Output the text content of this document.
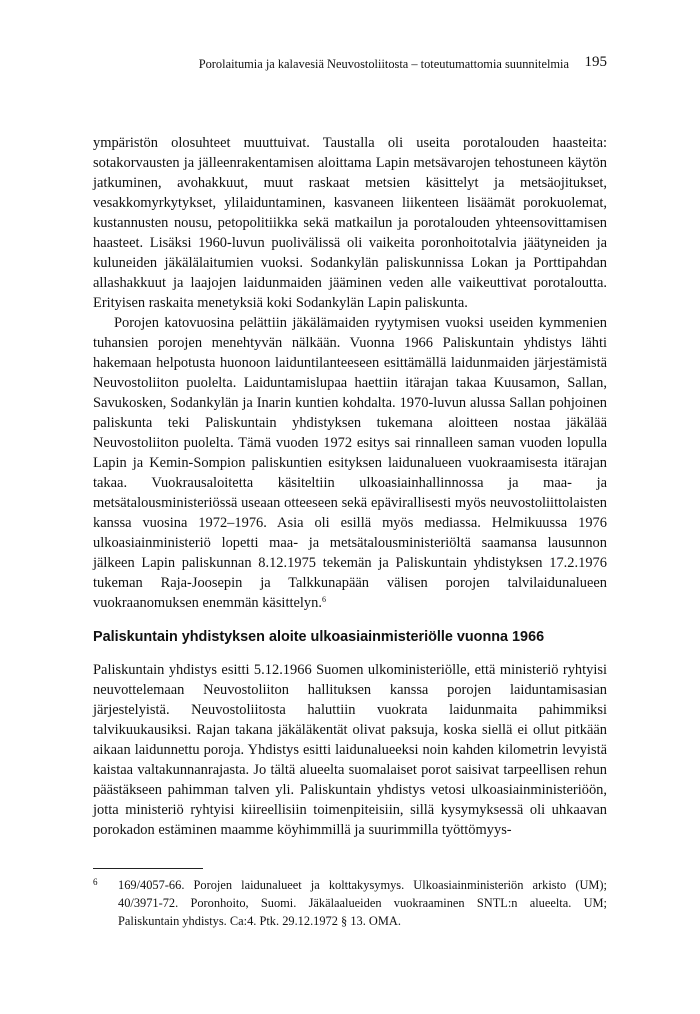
Porolaitumia ja kalavesiä Neuvostoliitosta – toteutumattomia suunnitelmia 195

ympäristön olosuhteet muuttuivat. Taustalla oli useita porotalouden haasteita: sotakorvausten ja jälleenrakentamisen aloittama Lapin metsävarojen tehostuneen käytön jatkuminen, avohakkuut, muut raskaat metsien käsittelyt ja metsäojitukset, vesakkomyrkytykset, ylilaiduntaminen, kasvaneen liikenteen lisäämät porokuolemat, kustannusten nousu, petopolitiikka sekä matkailun ja porotalouden yhteensovittamisen haasteet. Lisäksi 1960-luvun puolivälissä oli vaikeita poronhoitotalvia jäätyneiden ja kuluneiden jäkälälaitumien vuoksi. Sodankylän paliskunnissa Lokan ja Porttipahdan allashakkuut ja laajojen laidunmaiden jääminen veden alle vaikeuttivat porotaloutta. Erityisen raskaita menetyksiä koki Sodankylän Lapin paliskunta.

Porojen katovuosina pelättiin jäkälämaiden ryytymisen vuoksi useiden kymmenien tuhansien porojen menehtyvän nälkään. Vuonna 1966 Paliskuntain yhdistys lähti hakemaan helpotusta huonoon laiduntilanteeseen esittämällä laidunmaiden järjestämistä Neuvostoliiton puolelta. Laiduntamislupaa haettiin itärajan takaa Kuusamon, Sallan, Savukosken, Sodankylän ja Inarin kuntien kohdalta. 1970-luvun alussa Sallan pohjoinen paliskunta teki Paliskuntain yhdistyksen tukemana aloitteen nostaa jäkälää Neuvostoliiton puolelta. Tämä vuoden 1972 esitys sai rinnalleen saman vuoden lopulla Lapin ja Kemin-Sompion paliskuntien esityksen laidunalueen vuokraamisesta itärajan takaa. Vuokrausaloitetta käsiteltiin ulkoasiainhallinnossa ja maa- ja metsätalousministeriössä useaan otteeseen sekä epävirallisesti myös neuvostoliittolaisten kanssa vuosina 1972–1976. Asia oli esillä myös mediassa. Helmikuussa 1976 ulkoasiainministeriö lopetti maa- ja metsätalousministeriöltä saamansa lausunnon jälkeen Lapin paliskunnan 8.12.1975 tekemän ja Paliskuntain yhdistyksen 17.2.1976 tukeman Raja-Joosepin ja Talkkunapään välisen porojen talvilaidunalueen vuokraanomuksen enemmän käsittelyn.$^6$

Paliskuntain yhdistyksen aloite ulkoasiainmisteriölle vuonna 1966

Paliskuntain yhdistys esitti 5.12.1966 Suomen ulkoministeriölle, että ministeriö ryhtyisi neuvottelemaan Neuvostoliiton hallituksen kanssa porojen laiduntamisasian järjestelyistä. Neuvostoliitosta haluttiin vuokrata laidunmaita pahimmiksi talvikuukausiksi. Rajan takana jäkäläkentät olivat paksuja, koska siellä ei ollut pitkään aikaan laidunnettu poroja. Yhdistys esitti laidunalueeksi noin kahden kilometrin levyistä kaistaa valtakunnanrajasta. Jo tältä alueelta suomalaiset porot saisivat tarpeellisen rehun päästäkseen pahimman talven yli. Paliskuntain yhdistys vetosi ulkoasiainministeriöön, jotta ministeriö ryhtyisi kiireellisiin toimenpiteisiin, sillä kysymyksessä oli uhkaavan porokadon estäminen maamme köyhimmillä ja suurimmilla työttömyys-

6 169/4057-66. Porojen laidunalueet ja kolttakysymys. Ulkoasiainministeriön arkisto (UM); 40/3971-72. Poronhoito, Suomi. Jäkälaalueiden vuokraaminen SNTL:n alueelta. UM; Paliskuntain yhdistys. Ca:4. Ptk. 29.12.1972 § 13. OMA.
